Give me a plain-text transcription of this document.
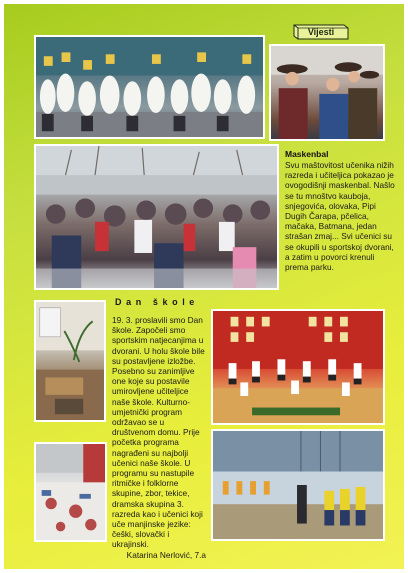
Vijesti
Maskenbal
Svu maštovitost učenika nižih razreda i učiteljica pokazao je ovogodišnji maskenbal. Našlo se tu mnoštvo kauboja, snjegovića, olovaka, Pipi Dugih Čarapa, pčelica, mačaka, Batmana, jedan strašan zmaj... Svi učenici su se okupili u sportskoj dvorani, a zatim u povorci krenuli prema parku.
Dan škole
19. 3. proslavili smo Dan škole. Započeli smo sportskim natjecanjima u dvorani. U holu škole bile su postavljene izložbe. Posebno su zanimljive one koje su postavile umirovljene učiteljice naše škole. Kulturno-umjetnički program održavao se u društvenom domu. Prije početka programa nagrađeni su najbolji učenici naše škole. U programu su nastupile ritmičke i folklorne skupine, zbor, tekice, dramska skupina 3. razreda kao i učenici koji uče manjinske jezike: češki, slovački i ukrajinski.
Katarina Nerlović, 7.a
